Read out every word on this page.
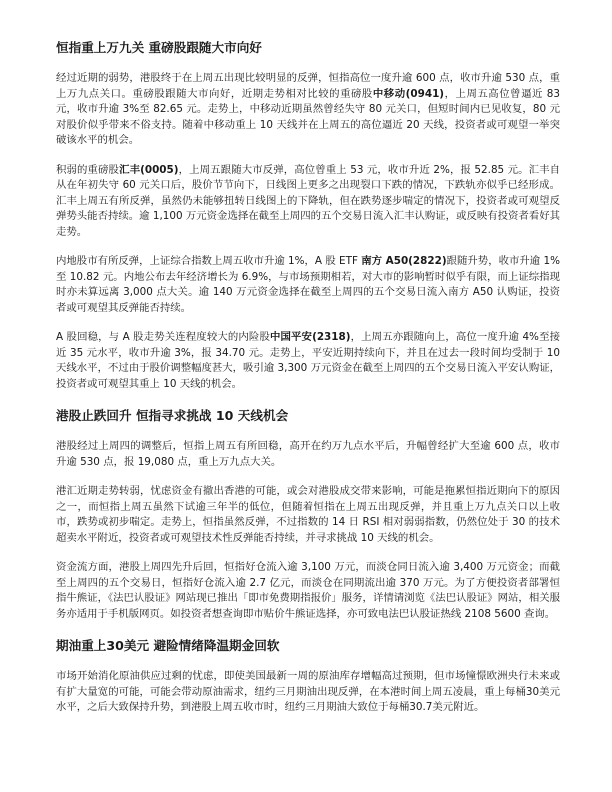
恒指重上万九关 重磅股跟随大市向好

经过近期的弱势，港股终于在上周五出现比较明显的反弹，恒指高位一度升逾 600 点，收市升逾 530 点，重上万九点关口。重磅股跟随大市向好，近期走势相对比较的重磅股中移动(0941)，上周五高位曾逼近 83 元，收市升逾 3%至 82.65 元。走势上，中移动近期虽然曾经失守 80 元关口，但短时间内已见收复，80 元对股价似乎带来不俗支持。随着中移动重上 10 天线并在上周五的高位逼近 20 天线，投资者或可观望一举突破该水平的机会。

积弱的重磅股汇丰(0005)，上周五跟随大市反弹，高位曾重上 53 元，收市升近 2%，报 52.85 元。汇丰自从在年初失守 60 元关口后，股价节节向下，日线图上更多之出现裂口下跌的情况，下跌轨亦似乎已经形成。汇丰上周五有所反弹，虽然仍未能够扭转日线图上的下降轨，但在跌势逐步喘定的情况下，投资者或可观望反弹势头能否持续。逾 1,100 万元资金选择在截至上周四的五个交易日流入汇丰认购证，或反映有投资者看好其走势。

内地股市有所反弹，上证综合指数上周五收市升逾 1%，A 股 ETF 南方 A50(2822)跟随升势，收市升逾 1%至 10.82 元。内地公布去年经济增长为 6.9%，与市场预期相若，对大市的影响暂时似乎有限，而上证综指现时亦未算远离 3,000 点大关。逾 140 万元资金选择在截至上周四的五个交易日流入南方 A50 认购证，投资者或可观望其反弹能否持续。

A 股回稳，与 A 股走势关连程度较大的内险股中国平安(2318)，上周五亦跟随向上，高位一度升逾 4%至接近 35 元水平，收市升逾 3%，报 34.70 元。走势上，平安近期持续向下，并且在过去一段时间均受制于 10 天线水平，不过由于股价调整幅度甚大，吸引逾 3,300 万元资金在截至上周四的五个交易日流入平安认购证，投资者或可观望其重上 10 天线的机会。

港股止跌回升 恒指寻求挑战 10 天线机会

港股经过上周四的调整后，恒指上周五有所回稳，高开在约万九点水平后，升幅曾经扩大至逾 600 点，收市升逾 530 点，报 19,080 点，重上万九点大关。

港汇近期走势转弱，忧虑资金有撤出香港的可能，或会对港股成交带来影响，可能是拖累恒指近期向下的原因之一，而恒指上周五虽然下试逾三年半的低位，但随着恒指在上周五出现反弹，并且重上万九点关口以上收市，跌势或初步喘定。走势上，恒指虽然反弹，不过指数的 14 日 RSI 相对弱弱指数，仍然位处于 30 的技术超卖水平附近，投资者或可观望技术性反弹能否持续，并寻求挑战 10 天线的机会。

资金流方面，港股上周四先升后回，恒指好仓流入逾 3,100 万元，而淡仓同日流入逾 3,400 万元资金；而截至上周四的五个交易日，恒指好仓流入逾 2.7 亿元，而淡仓在同期流出逾 370 万元。为了方便投资者部署恒指牛熊证，《法巴认股证》网站现已推出「即市免费期指报价」服务，详情请浏览《法巴认股证》网站，相关服务亦适用于手机版网页。如投资者想查询即市贴价牛熊证选择，亦可致电法巴认股证热线 2108 5600 查询。

期油重上30美元 避险情绪降温期金回软

市场开始消化原油供应过剩的忧虑，即使美国最新一周的原油库存增幅高过预期，但市场憧憬欧洲央行未来或有扩大量宽的可能，可能会带动原油需求，纽约三月期油出现反弹，在本港时间上周五凌晨，重上每桶30美元水平，之后大致保持升势，到港股上周五收市时，纽约三月期油大致位于每桶30.7美元附近。
